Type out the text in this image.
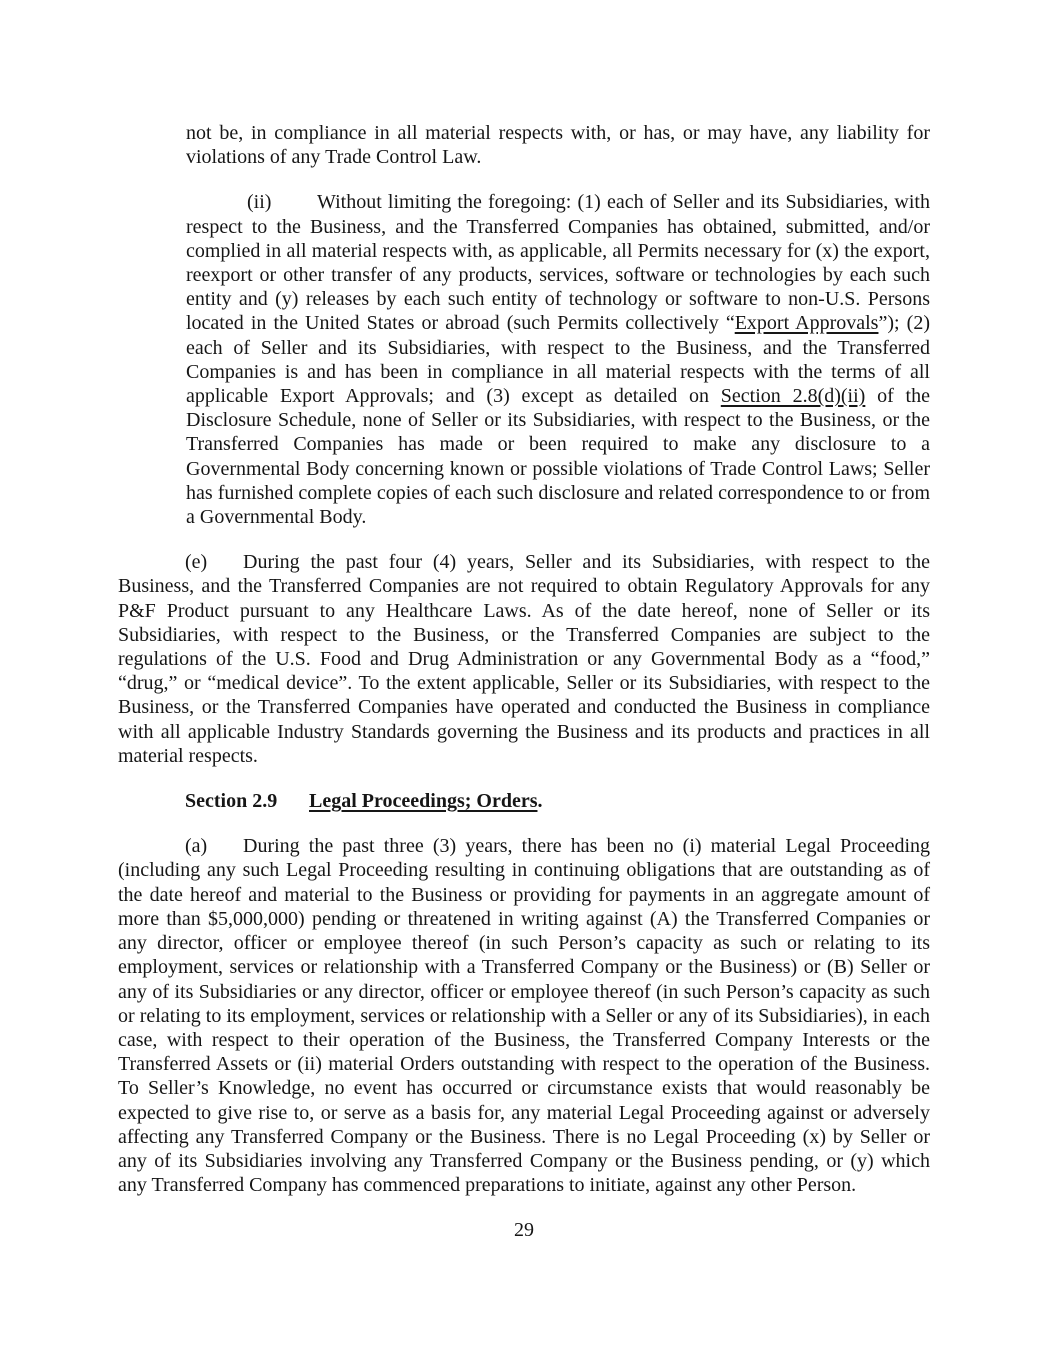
not be, in compliance in all material respects with, or has, or may have, any liability for violations of any Trade Control Law.

(ii) Without limiting the foregoing: (1) each of Seller and its Subsidiaries, with respect to the Business, and the Transferred Companies has obtained, submitted, and/or complied in all material respects with, as applicable, all Permits necessary for (x) the export, reexport or other transfer of any products, services, software or technologies by each such entity and (y) releases by each such entity of technology or software to non-U.S. Persons located in the United States or abroad (such Permits collectively “Export Approvals”); (2) each of Seller and its Subsidiaries, with respect to the Business, and the Transferred Companies is and has been in compliance in all material respects with the terms of all applicable Export Approvals; and (3) except as detailed on Section 2.8(d)(ii) of the Disclosure Schedule, none of Seller or its Subsidiaries, with respect to the Business, or the Transferred Companies has made or been required to make any disclosure to a Governmental Body concerning known or possible violations of Trade Control Laws; Seller has furnished complete copies of each such disclosure and related correspondence to or from a Governmental Body.

(e) During the past four (4) years, Seller and its Subsidiaries, with respect to the Business, and the Transferred Companies are not required to obtain Regulatory Approvals for any P&F Product pursuant to any Healthcare Laws. As of the date hereof, none of Seller or its Subsidiaries, with respect to the Business, or the Transferred Companies are subject to the regulations of the U.S. Food and Drug Administration or any Governmental Body as a “food,” “drug,” or “medical device”. To the extent applicable, Seller or its Subsidiaries, with respect to the Business, or the Transferred Companies have operated and conducted the Business in compliance with all applicable Industry Standards governing the Business and its products and practices in all material respects.

Section 2.9 Legal Proceedings; Orders.

(a) During the past three (3) years, there has been no (i) material Legal Proceeding (including any such Legal Proceeding resulting in continuing obligations that are outstanding as of the date hereof and material to the Business or providing for payments in an aggregate amount of more than $5,000,000) pending or threatened in writing against (A) the Transferred Companies or any director, officer or employee thereof (in such Person’s capacity as such or relating to its employment, services or relationship with a Transferred Company or the Business) or (B) Seller or any of its Subsidiaries or any director, officer or employee thereof (in such Person’s capacity as such or relating to its employment, services or relationship with a Seller or any of its Subsidiaries), in each case, with respect to their operation of the Business, the Transferred Company Interests or the Transferred Assets or (ii) material Orders outstanding with respect to the operation of the Business. To Seller’s Knowledge, no event has occurred or circumstance exists that would reasonably be expected to give rise to, or serve as a basis for, any material Legal Proceeding against or adversely affecting any Transferred Company or the Business. There is no Legal Proceeding (x) by Seller or any of its Subsidiaries involving any Transferred Company or the Business pending, or (y) which any Transferred Company has commenced preparations to initiate, against any other Person.

29
